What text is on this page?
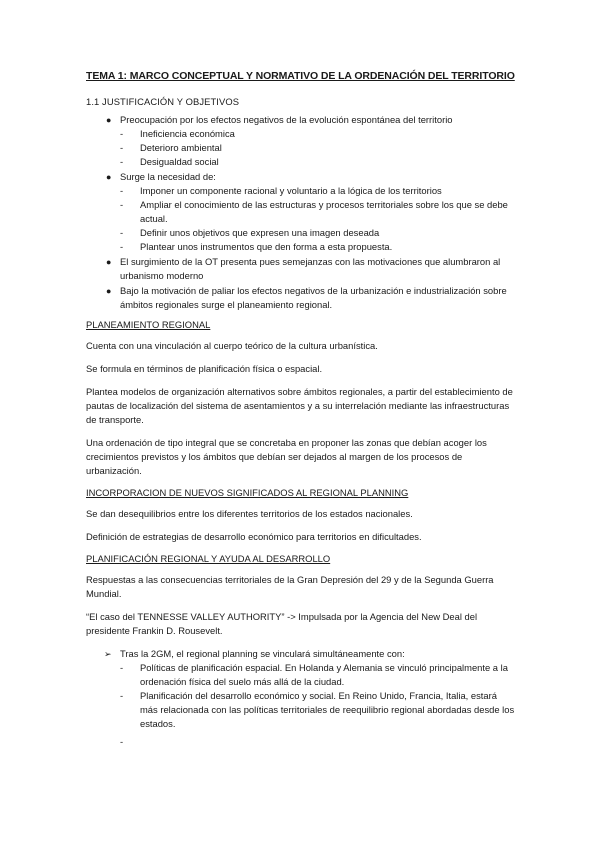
TEMA 1: MARCO CONCEPTUAL Y NORMATIVO DE LA ORDENACIÓN DEL TERRITORIO
1.1 JUSTIFICACIÓN Y OBJETIVOS
● Preocupación por los efectos negativos de la evolución espontánea del territorio
- Ineficiencia económica
- Deterioro ambiental
- Desigualdad social
● Surge la necesidad de:
- Imponer un componente racional y voluntario a la lógica de los territorios
- Ampliar el conocimiento de las estructuras y procesos territoriales sobre los que se debe actual.
- Definir unos objetivos que expresen una imagen deseada
- Plantear unos instrumentos que den forma a esta propuesta.
● El surgimiento de la OT presenta pues semejanzas con las motivaciones que alumbraron al urbanismo moderno
● Bajo la motivación de paliar los efectos negativos de la urbanización e industrialización sobre ámbitos regionales surge el planeamiento regional.
PLANEAMIENTO REGIONAL

Cuenta con una vinculación al cuerpo teórico de la cultura urbanística.

Se formula en términos de planificación física o espacial.

Plantea modelos de organización alternativos sobre ámbitos regionales, a partir del establecimiento de pautas de localización del sistema de asentamientos y a su interrelación mediante las infraestructuras de transporte.

Una ordenación de tipo integral que se concretaba en proponer las zonas que debían acoger los crecimientos previstos y los ámbitos que debían ser dejados al margen de los procesos de urbanización.

INCORPORACION DE NUEVOS SIGNIFICADOS AL REGIONAL PLANNING

Se dan desequilibrios entre los diferentes territorios de los estados nacionales.

Definición de estrategias de desarrollo económico para territorios en dificultades.

PLANIFICACIÓN REGIONAL Y AYUDA AL DESARROLLO

Respuestas a las consecuencias territoriales de la Gran Depresión del 29 y de la Segunda Guerra Mundial.

“El caso del TENNESSE VALLEY AUTHORITY” -> Impulsada por la Agencia del New Deal del presidente Frankin D. Rousevelt.

➢ Tras la 2GM, el regional planning se vinculará simultáneamente con:
- Políticas de planificación espacial. En Holanda y Alemania se vinculó principalmente a la ordenación física del suelo más allá de la ciudad.
- Planificación del desarrollo económico y social. En Reino Unido, Francia, Italia, estará más relacionada con las políticas territoriales de reequilibrio regional abordadas desde los estados.
-
